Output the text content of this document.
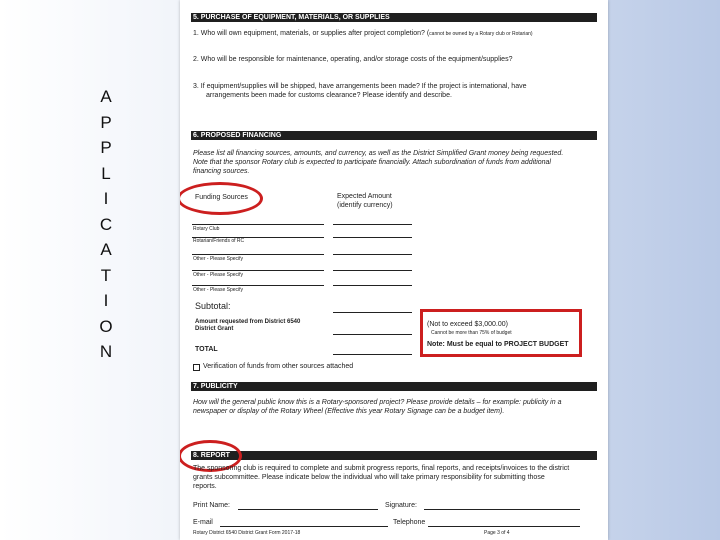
A
P
P
L
I
C
A
T
I
O
N
5. PURCHASE OF EQUIPMENT, MATERIALS, OR SUPPLIES
1. Who will own equipment, materials, or supplies after project completion? (cannot be owned by a Rotary club or Rotarian)
2. Who will be responsible for maintenance, operating, and/or storage costs of the equipment/supplies?
3. If equipment/supplies will be shipped, have arrangements been made? If the project is international, have
arrangements been made for customs clearance? Please identify and describe.
6. PROPOSED FINANCING
Please list all financing sources, amounts, and currency, as well as the District Simplified Grant money being requested.
Note that the sponsor Rotary club is expected to participate financially. Attach subordination of funds from additional
financing sources.
Funding Sources	Expected Amount
(identify currency)
Rotary Club
Rotarian/Friends of RC
Other - Please Specify
Other - Please Specify
Other - Please Specify
Subtotal:
Amount requested from District 6540
District Grant
TOTAL
(Not to exceed $3,000.00)
Cannot be more than 75% of budget
Note: Must be equal to PROJECT BUDGET
Verification of funds from other sources attached
7. PUBLICITY
How will the general public know this is a Rotary-sponsored project? Please provide details – for example: publicity in a
newspaper or display of the Rotary Wheel (Effective this year Rotary Signage can be a budget item).
8. REPORT
The sponsoring club is required to complete and submit progress reports, final reports, and receipts/invoices to the district
grants subcommittee. Please indicate below the individual who will take primary responsibility for submitting those
reports.
Print Name:	Signature:
E-mail	Telephone
Rotary District 6540 District Grant Form 2017-18	Page 3 of 4
